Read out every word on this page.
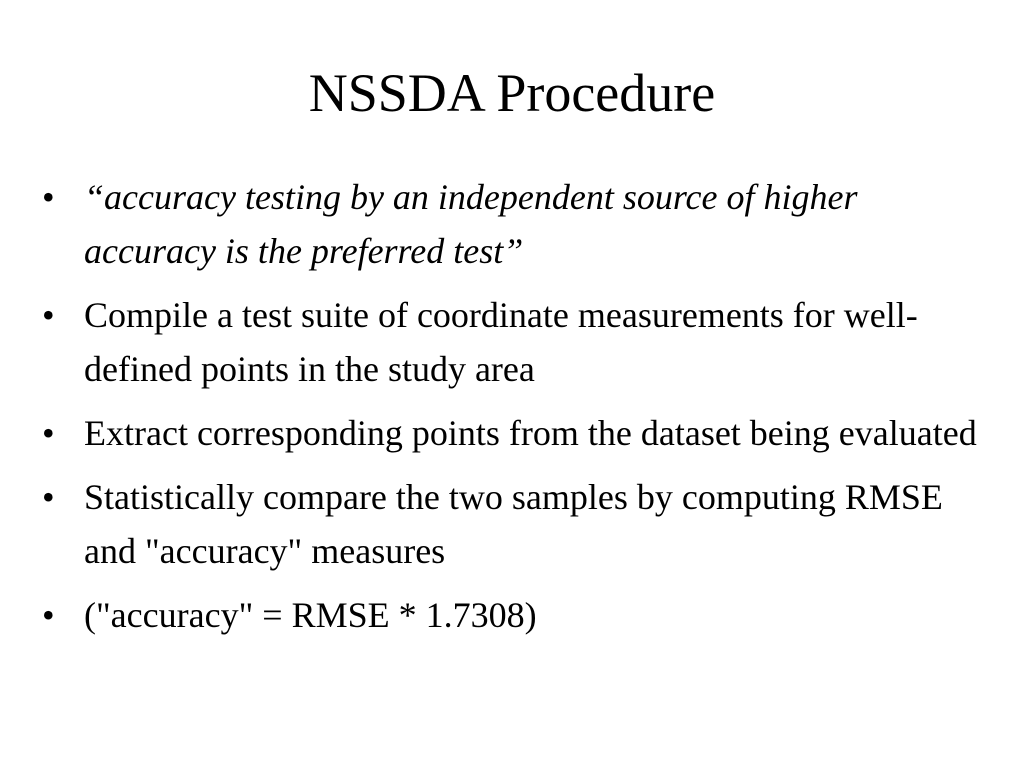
NSSDA Procedure
• “accuracy testing by an independent source of higher accuracy is the preferred test”
• Compile a test suite of coordinate measurements for well-defined points in the study area
• Extract corresponding points from the dataset being evaluated
• Statistically compare the two samples by computing RMSE and "accuracy" measures
• ("accuracy" = RMSE * 1.7308)
